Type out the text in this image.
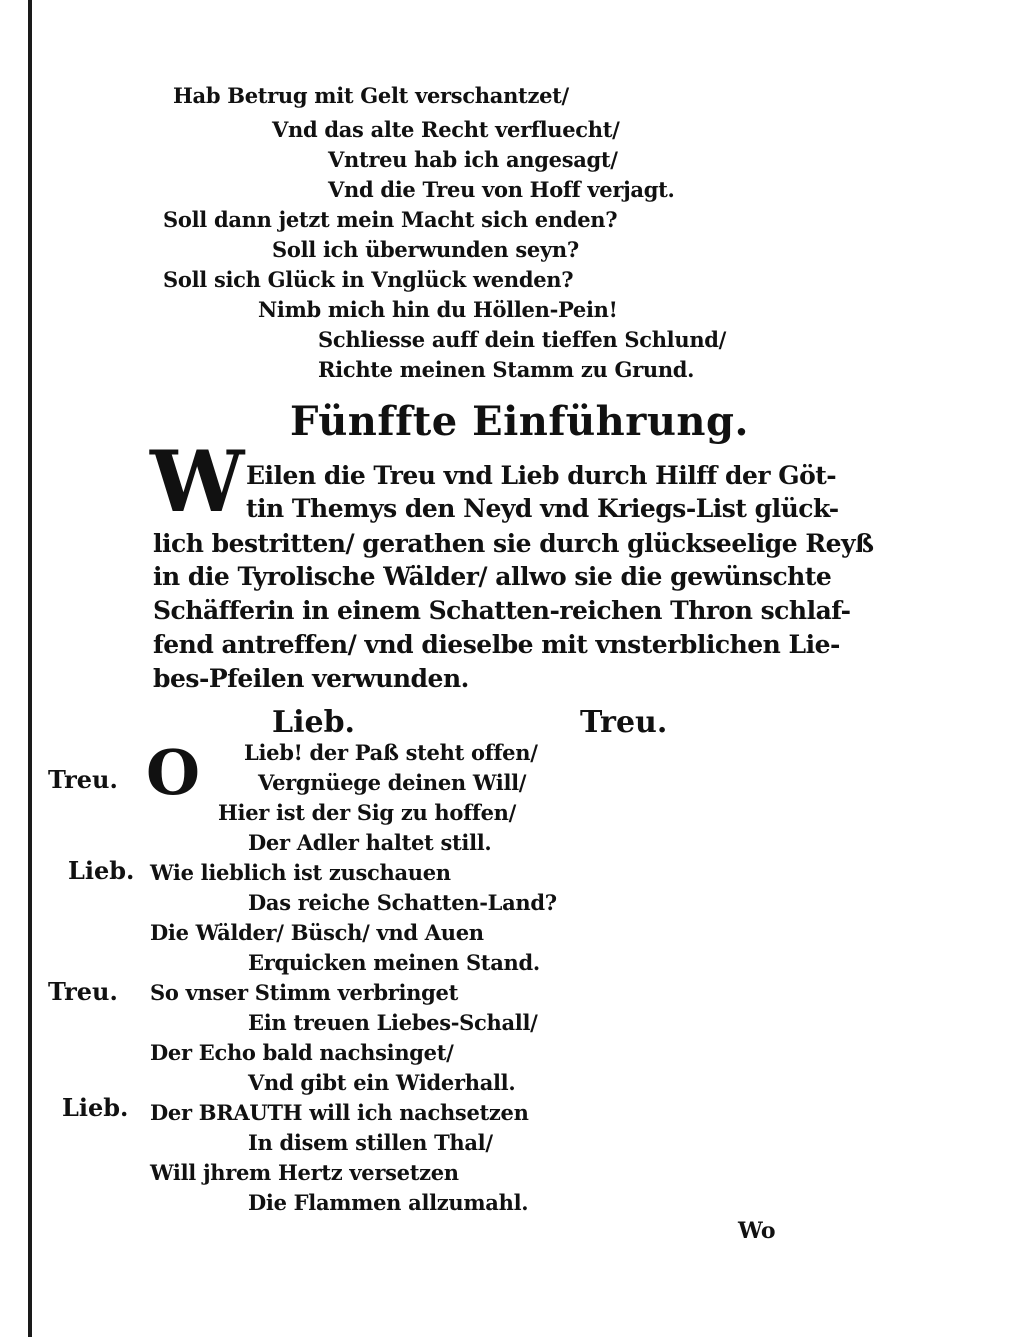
Hab Betrug mit Gelt verschantzet/
Vnd das alte Recht verfluecht/
Vntreu hab ich angesagt/
Vnd die Treu von Hoff verjagt.
Soll dann jetzt mein Macht sich enden?
Soll ich überwunden seyn?
Soll sich Glück in Vnglück wenden?
Nimb mich hin du Höllen-Pein!
Schliesse auff dein tieffen Schlund/
Richte meinen Stamm zu Grund.
Fünffte Einführung.
W Eilen die Treu vnd Lieb durch Hilff der Göt-
tin Themys den Neyd vnd Kriegs-List glück-
lich bestritten/ gerathen sie durch glückseelige Reyß
in die Tyrolische Wälder/ allwo sie die gewünschte
Schäfferin in einem Schatten-reichen Thron schlaf-
fend antreffen/ vnd dieselbe mit vnsterblichen Lie-
bes-Pfeilen verwunden.
Lieb.	Treu.
O
Treu.
Lieb.
Treu.
Lieb.
Lieb! der Paß steht offen/
Vergnüege deinen Will/
Hier ist der Sig zu hoffen/
Der Adler haltet still.
Wie lieblich ist zuschauen
Das reiche Schatten-Land?
Die Wälder/ Büsch/ vnd Auen
Erquicken meinen Stand.
So vnser Stimm verbringet
Ein treuen Liebes-Schall/
Der Echo bald nachsinget/
Vnd gibt ein Widerhall.
Der BRAUTH will ich nachsetzen
In disem stillen Thal/
Will jhrem Hertz versetzen
Die Flammen allzumahl.
Wo
